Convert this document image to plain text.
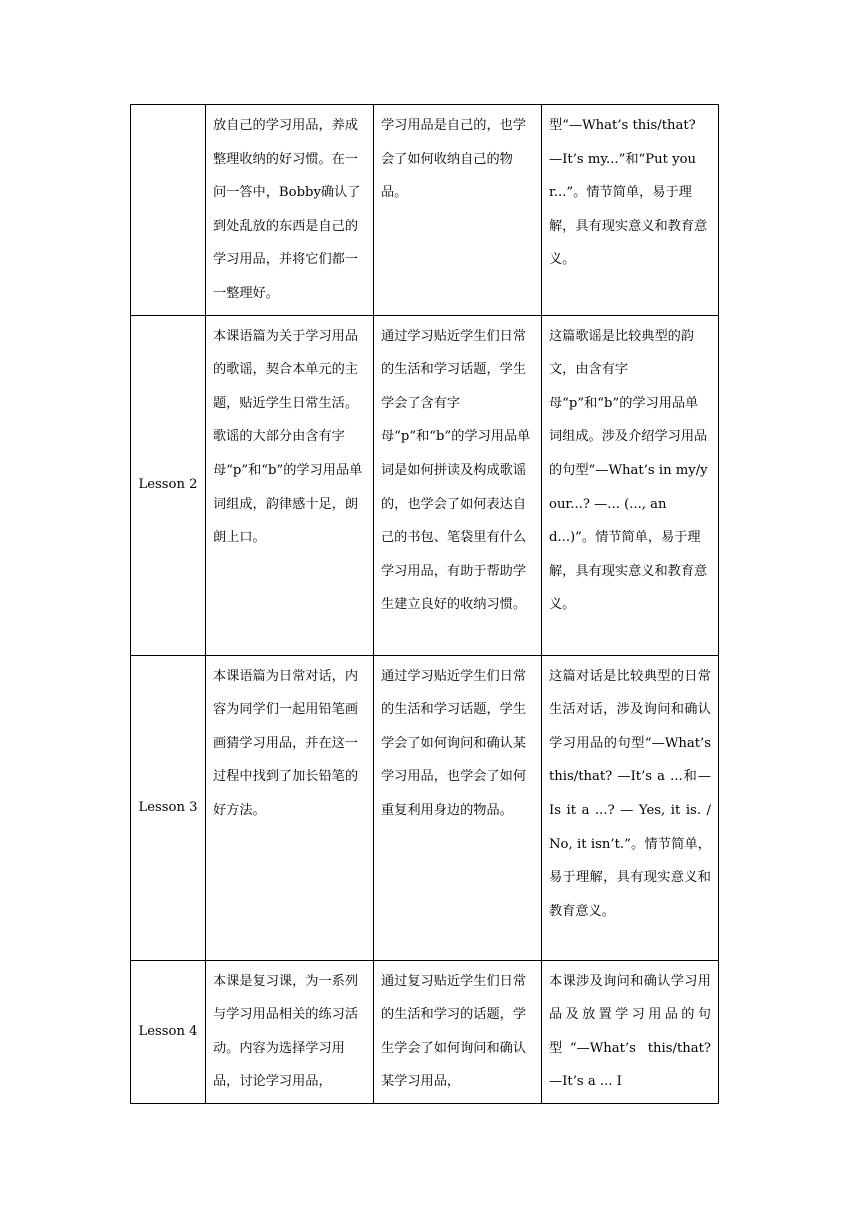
	放自己的学习用品，养成整理收纳的好习惯。在一问一答中，Bobby确认了到处乱放的东西是自己的学习用品，并将它们都一一整理好。	学习用品是自己的，也学会了如何收纳自己的物品。	型“—What’s this/that? —It’s my...”和“Put your...”。情节简单，易于理解，具有现实意义和教育意义。
Lesson 2	本课语篇为关于学习用品的歌谣，契合本单元的主题，贴近学生日常生活。歌谣的大部分由含有字母“p”和“b”的学习用品单词组成，韵律感十足，朗朗上口。	通过学习贴近学生们日常的生活和学习话题，学生学会了含有字母“p”和“b”的学习用品单词是如何拼读及构成歌谣的，也学会了如何表达自己的书包、笔袋里有什么学习用品，有助于帮助学生建立良好的收纳习惯。	这篇歌谣是比较典型的韵文，由含有字母“p”和“b”的学习用品单词组成。涉及介绍学习用品的句型“—What’s in my/your...? —... (..., and...)”。情节简单，易于理解，具有现实意义和教育意义。
Lesson 3	本课语篇为日常对话，内容为同学们一起用铅笔画画猜学习用品，并在这一过程中找到了加长铅笔的好方法。	通过学习贴近学生们日常的生活和学习话题，学生学会了如何询问和确认某学习用品，也学会了如何重复利用身边的物品。	这篇对话是比较典型的日常生活对话，涉及询问和确认学习用品的句型“—What’s this/that? —It’s a ...和—Is it a ...? — Yes, it is. / No, it isn’t.”。情节简单，易于理解，具有现实意义和教育意义。
Lesson 4	本课是复习课，为一系列与学习用品相关的练习活动。内容为选择学习用品，讨论学习用品，	通过复习贴近学生们日常的生活和学习的话题，学生学会了如何询问和确认某学习用品，	本课涉及询问和确认学习用品及放置学习用品的句型“—What’s this/that? —It’s a ... I
